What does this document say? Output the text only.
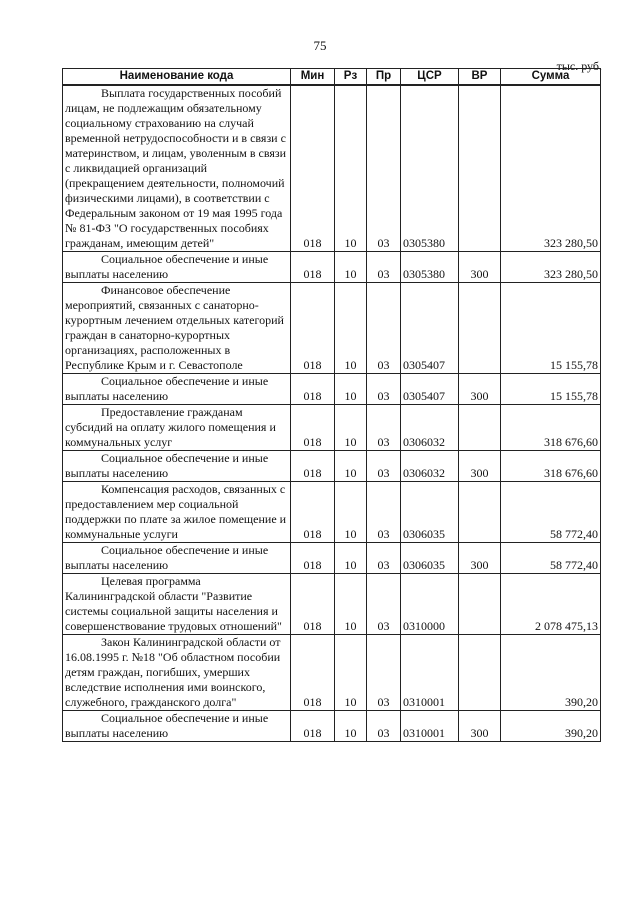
75
тыс. руб.
Наименование кода	Мин	Рз	Пр	ЦСР	ВР	Сумма
Выплата государственных пособий лицам, не подлежащим обязательному социальному страхованию на случай временной нетрудоспособности и в связи с материнством, и лицам, уволенным в связи с ликвидацией организаций (прекращением деятельности, полномочий физическими лицами), в соответствии с Федеральным законом от 19 мая 1995 года № 81-ФЗ "О государственных пособиях гражданам, имеющим детей"	018	10	03	0305380		323 280,50
Социальное обеспечение и иные выплаты населению	018	10	03	0305380	300	323 280,50
Финансовое обеспечение мероприятий, связанных с санаторно-курортным лечением отдельных категорий граждан в санаторно-курортных организациях, расположенных в Республике Крым и г. Севастополе	018	10	03	0305407		15 155,78
Социальное обеспечение и иные выплаты населению	018	10	03	0305407	300	15 155,78
Предоставление гражданам субсидий на оплату жилого помещения и коммунальных услуг	018	10	03	0306032		318 676,60
Социальное обеспечение и иные выплаты населению	018	10	03	0306032	300	318 676,60
Компенсация расходов, связанных с предоставлением мер социальной поддержки по плате за жилое помещение и коммунальные услуги	018	10	03	0306035		58 772,40
Социальное обеспечение и иные выплаты населению	018	10	03	0306035	300	58 772,40
Целевая программа Калининградской области "Развитие системы социальной защиты населения и совершенствование трудовых отношений"	018	10	03	0310000		2 078 475,13
Закон Калининградской области от 16.08.1995 г. №18 "Об областном пособии детям граждан, погибших, умерших вследствие исполнения ими воинского, служебного, гражданского долга"	018	10	03	0310001		390,20
Социальное обеспечение и иные выплаты населению	018	10	03	0310001	300	390,20
